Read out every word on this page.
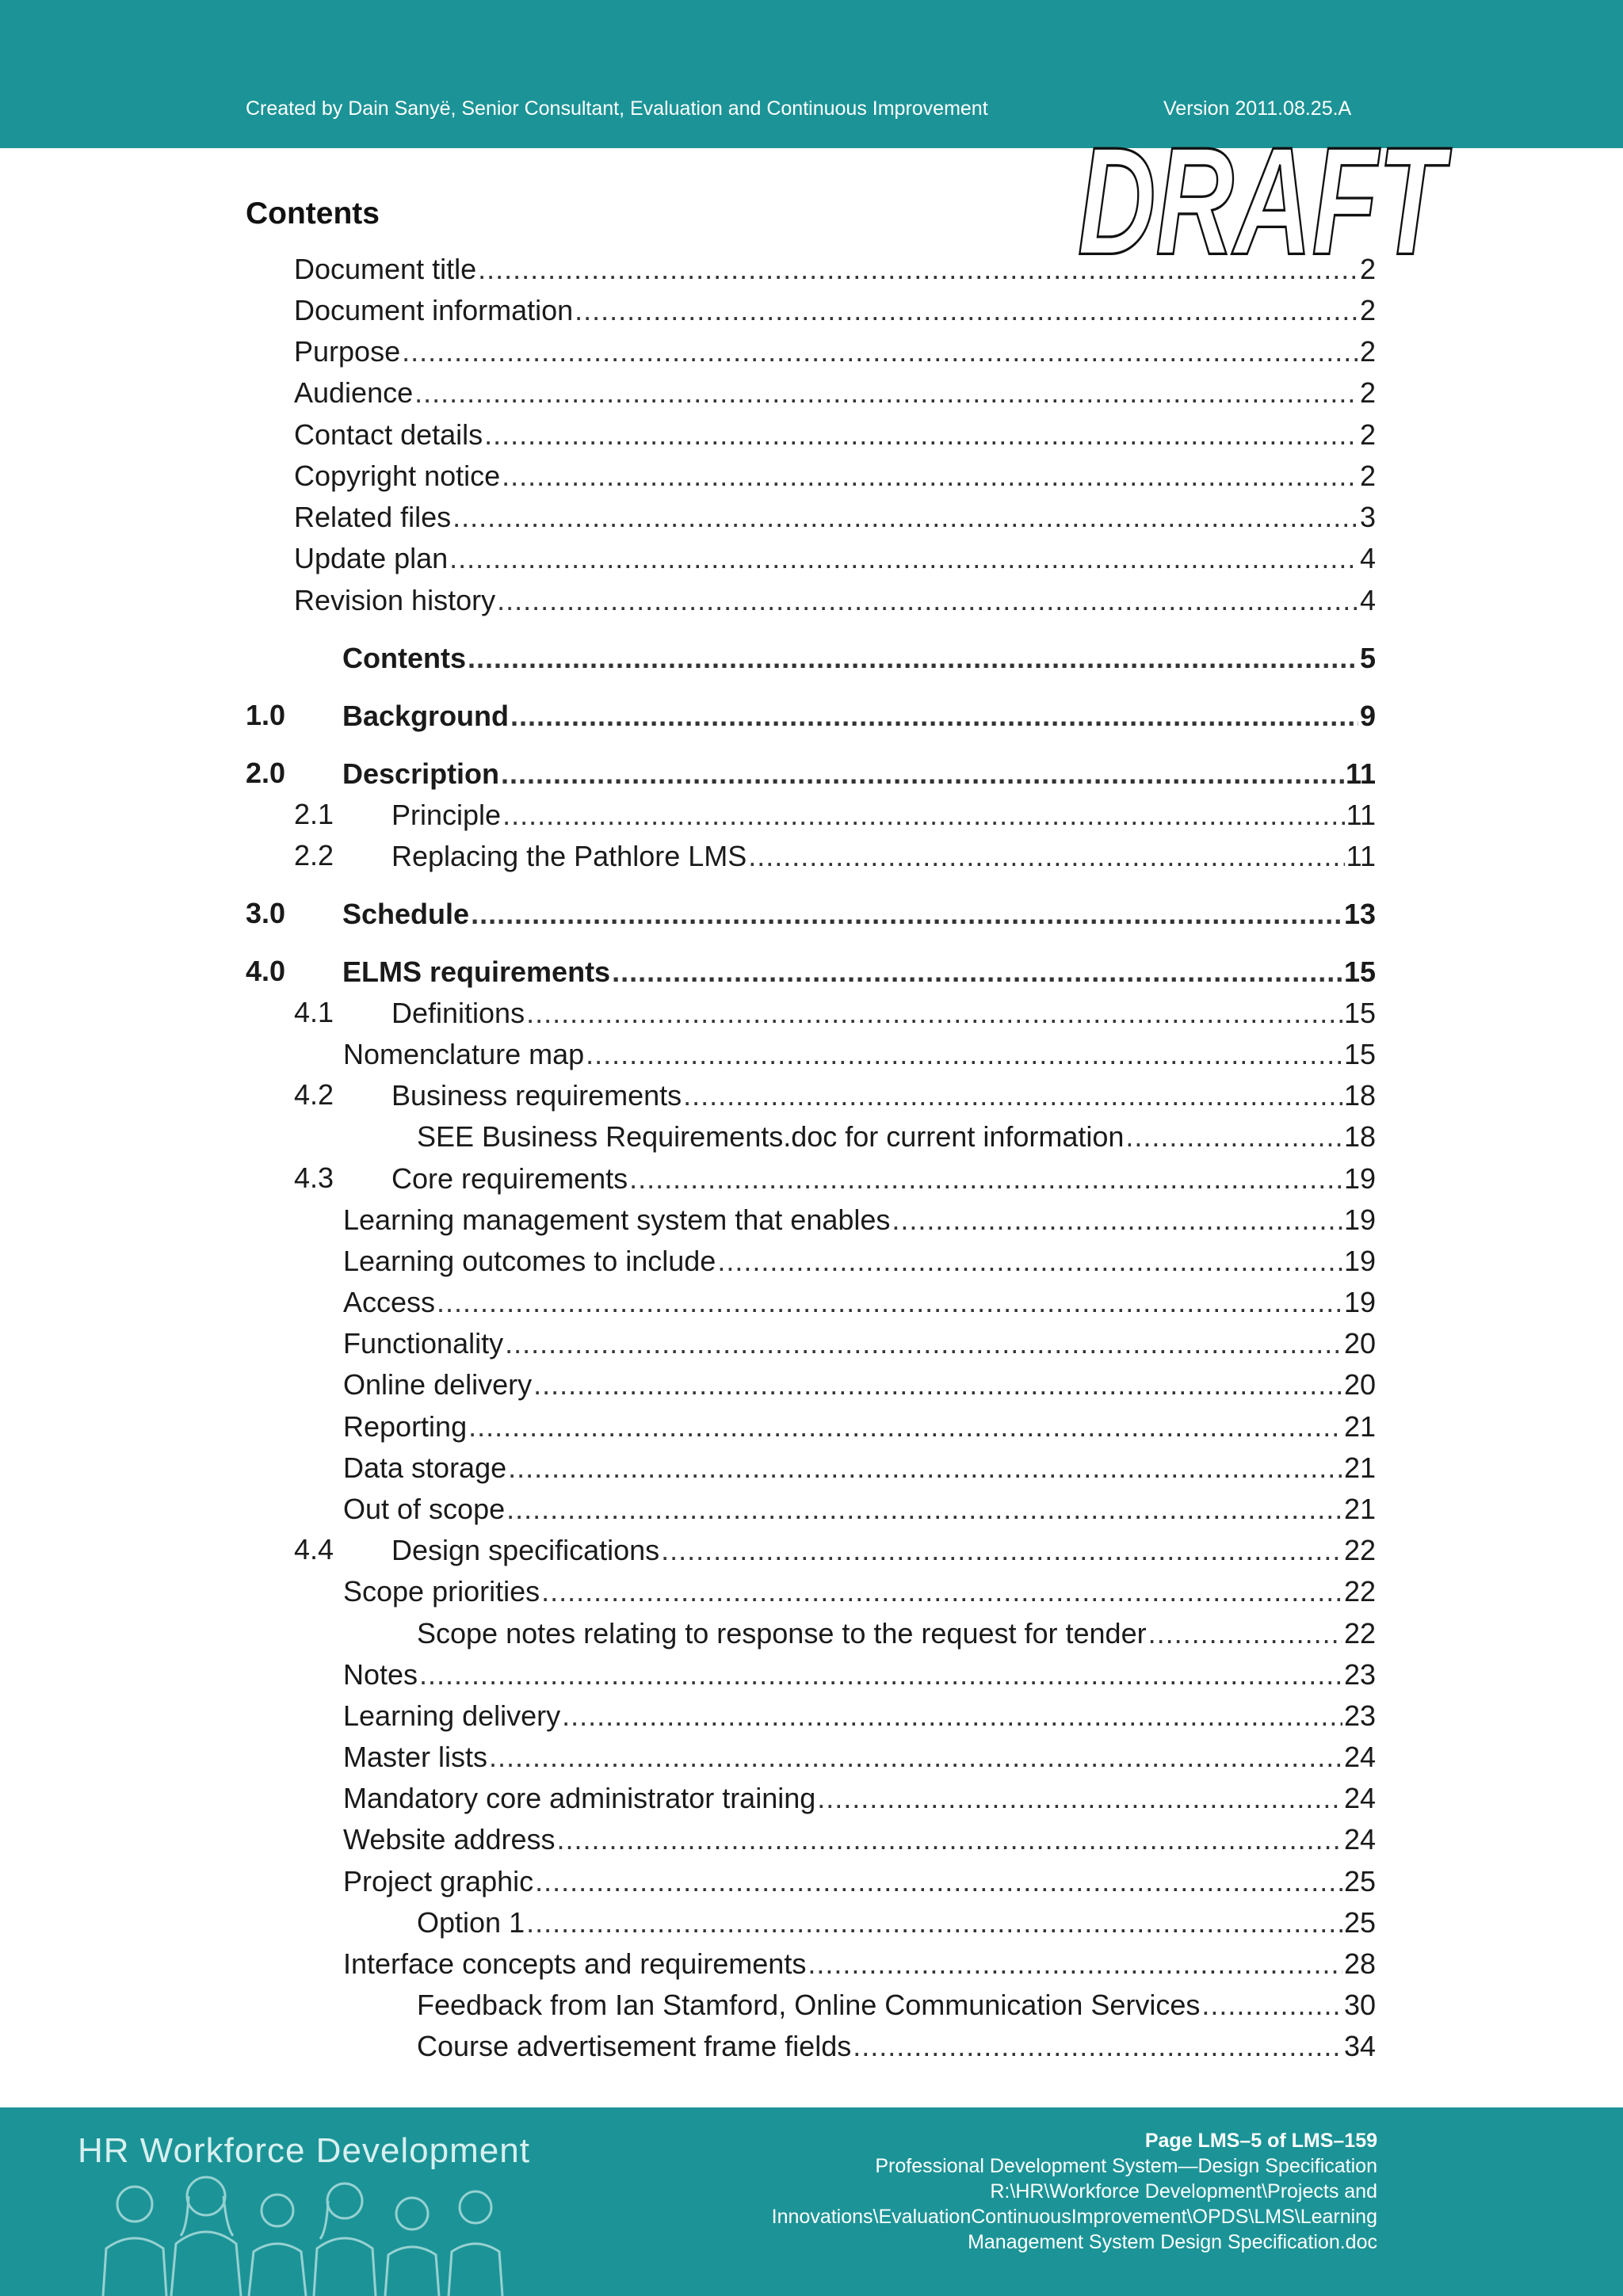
Created by Dain Sanyë, Senior Consultant, Evaluation and Continuous Improvement	Version 2011.08.25.A
DRAFT
Contents
Document title .....	2
Document information .....	2
Purpose .....	2
Audience .....	2
Contact details .....	2
Copyright notice .....	2
Related files .....	3
Update plan .....	4
Revision history .....	4
Contents .....	5
1.0 Background .....	9
2.0 Description .....	11
2.1 Principle .....	11
2.2 Replacing the Pathlore LMS .....	11
3.0 Schedule .....	13
4.0 ELMS requirements .....	15
4.1 Definitions .....	15
Nomenclature map .....	15
4.2 Business requirements .....	18
SEE Business Requirements.doc for current information .....	18
4.3 Core requirements .....	19
Learning management system that enables .....	19
Learning outcomes to include .....	19
Access .....	19
Functionality .....	20
Online delivery .....	20
Reporting .....	21
Data storage .....	21
Out of scope .....	21
4.4 Design specifications .....	22
Scope priorities .....	22
Scope notes relating to response to the request for tender .....	22
Notes .....	23
Learning delivery .....	23
Master lists .....	24
Mandatory core administrator training .....	24
Website address .....	24
Project graphic .....	25
Option 1 .....	25
Interface concepts and requirements .....	28
Feedback from Ian Stamford, Online Communication Services .....	30
Course advertisement frame fields .....	34
HR Workforce Development	Page LMS–5 of LMS–159
Professional Development System—Design Specification
R:\HR\Workforce Development\Projects and
Innovations\EvaluationContinuousImprovement\OPDS\LMS\Learning
Management System Design Specification.doc
